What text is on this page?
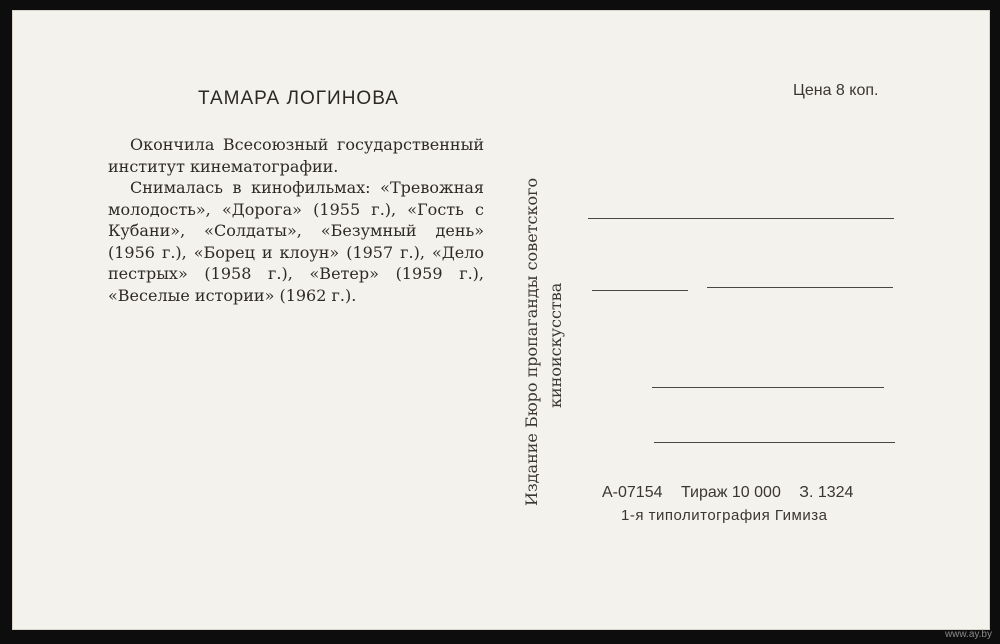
ТАМАРА ЛОГИНОВА

Окончила Всесоюзный государственный институт кинематографии.

Снималась в кинофильмах: «Тревожная молодость», «Дорога» (1955 г.), «Гость с Кубани», «Солдаты», «Безумный день» (1956 г.), «Борец и клоун» (1957 г.), «Дело пестрых» (1958 г.), «Ветер» (1959 г.), «Веселые истории» (1962 г.).

Цена 8 коп.
Издание Бюро пропаганды советского киноискусства
А-07154 Тираж 10 000 З. 1324
1-я типолитография Гимиза
www.ay.by
